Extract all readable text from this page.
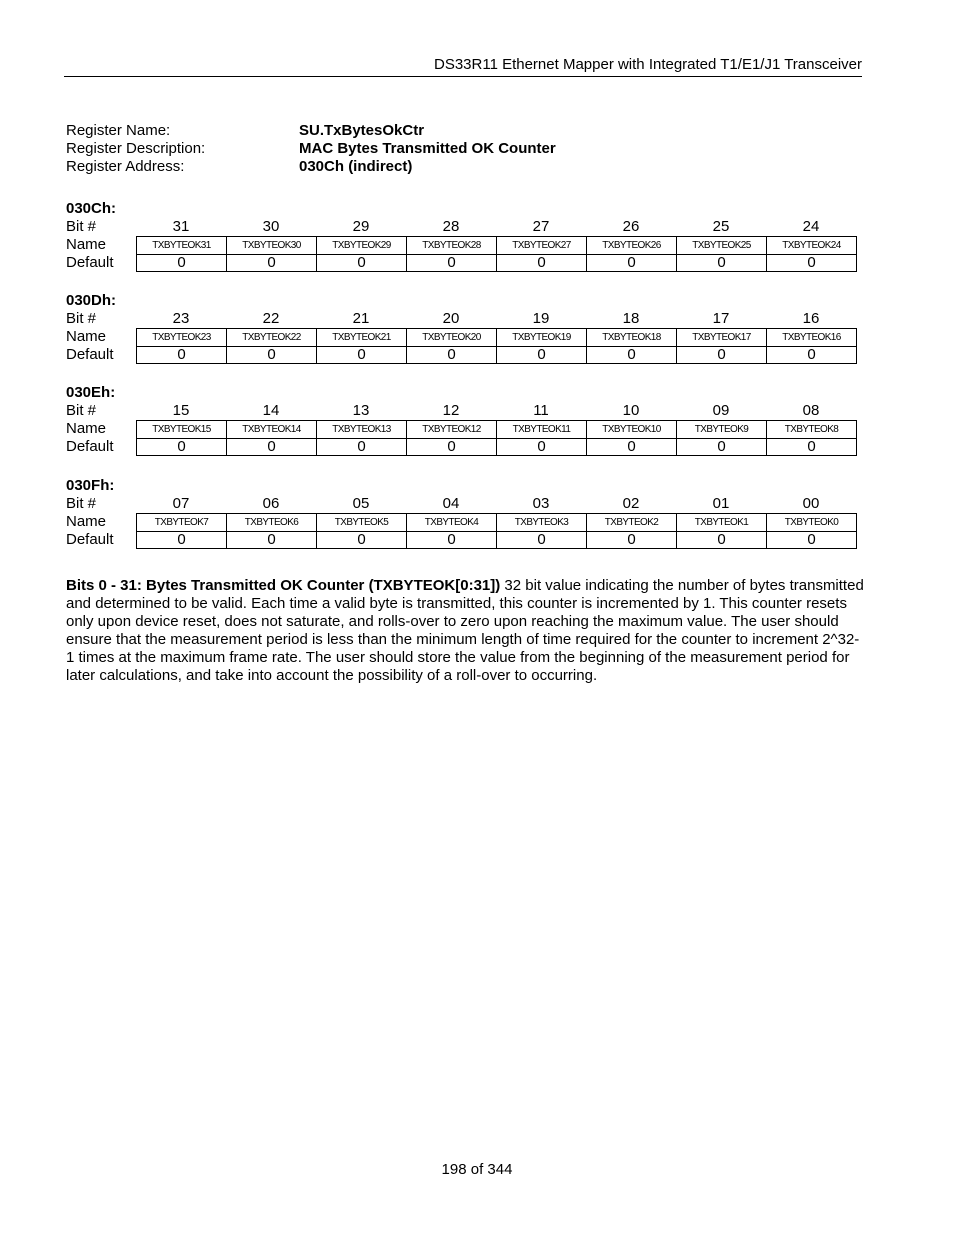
DS33R11 Ethernet Mapper with Integrated T1/E1/J1 Transceiver
Register Name:	SU.TxBytesOkCtr
Register Description:	MAC Bytes Transmitted OK Counter
Register Address:	030Ch (indirect)
030Ch:
Bit #	31	30	29	28	27	26	25	24
Name	TXBYTEOK31	TXBYTEOK30	TXBYTEOK29	TXBYTEOK28	TXBYTEOK27	TXBYTEOK26	TXBYTEOK25	TXBYTEOK24
Default	0	0	0	0	0	0	0	0
030Dh:
Bit #	23	22	21	20	19	18	17	16
Name	TXBYTEOK23	TXBYTEOK22	TXBYTEOK21	TXBYTEOK20	TXBYTEOK19	TXBYTEOK18	TXBYTEOK17	TXBYTEOK16
Default	0	0	0	0	0	0	0	0
030Eh:
Bit #	15	14	13	12	11	10	09	08
Name	TXBYTEOK15	TXBYTEOK14	TXBYTEOK13	TXBYTEOK12	TXBYTEOK11	TXBYTEOK10	TXBYTEOK9	TXBYTEOK8
Default	0	0	0	0	0	0	0	0
030Fh:
Bit #	07	06	05	04	03	02	01	00
Name	TXBYTEOK7	TXBYTEOK6	TXBYTEOK5	TXBYTEOK4	TXBYTEOK3	TXBYTEOK2	TXBYTEOK1	TXBYTEOK0
Default	0	0	0	0	0	0	0	0
Bits 0 - 31: Bytes Transmitted OK Counter (TXBYTEOK[0:31]) 32 bit value indicating the number of bytes transmitted and determined to be valid. Each time a valid byte is transmitted, this counter is incremented by 1. This counter resets only upon device reset, does not saturate, and rolls-over to zero upon reaching the maximum value. The user should ensure that the measurement period is less than the minimum length of time required for the counter to increment 2^32-1 times at the maximum frame rate. The user should store the value from the beginning of the measurement period for later calculations, and take into account the possibility of a roll-over to occurring.
198 of 344
